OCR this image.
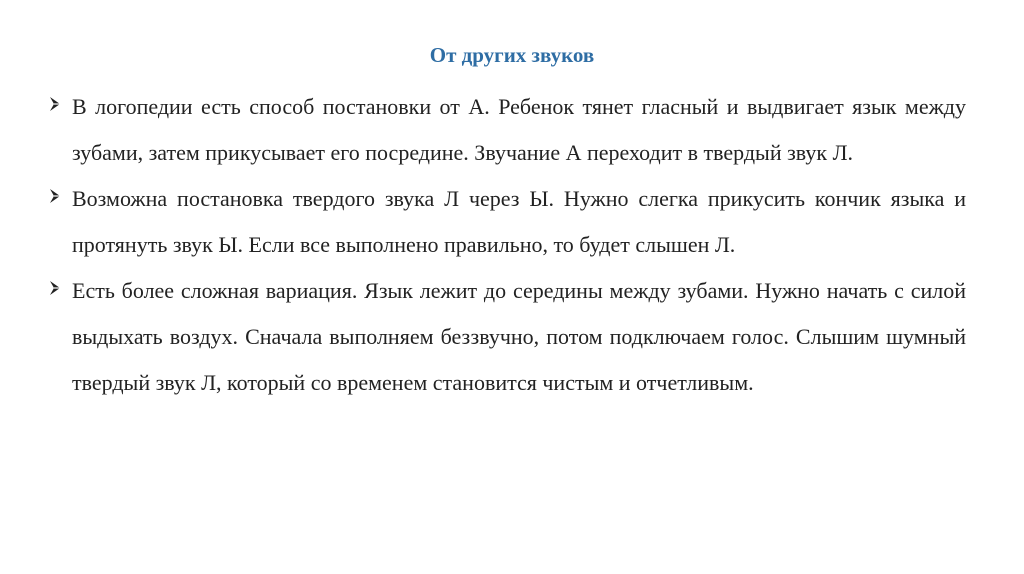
От других звуков

В логопедии есть способ постановки от А. Ребенок тянет гласный и выдвигает язык между зубами, затем прикусывает его посредине. Звучание А переходит в твердый звук Л.

Возможна постановка твердого звука Л через Ы. Нужно слегка прикусить кончик языка и протянуть звук Ы. Если все выполнено правильно, то будет слышен Л.

Есть более сложная вариация. Язык лежит до середины между зубами. Нужно начать с силой выдыхать воздух. Сначала выполняем беззвучно, потом подключаем голос. Слышим шумный твердый звук Л, который со временем становится чистым и отчетливым.
